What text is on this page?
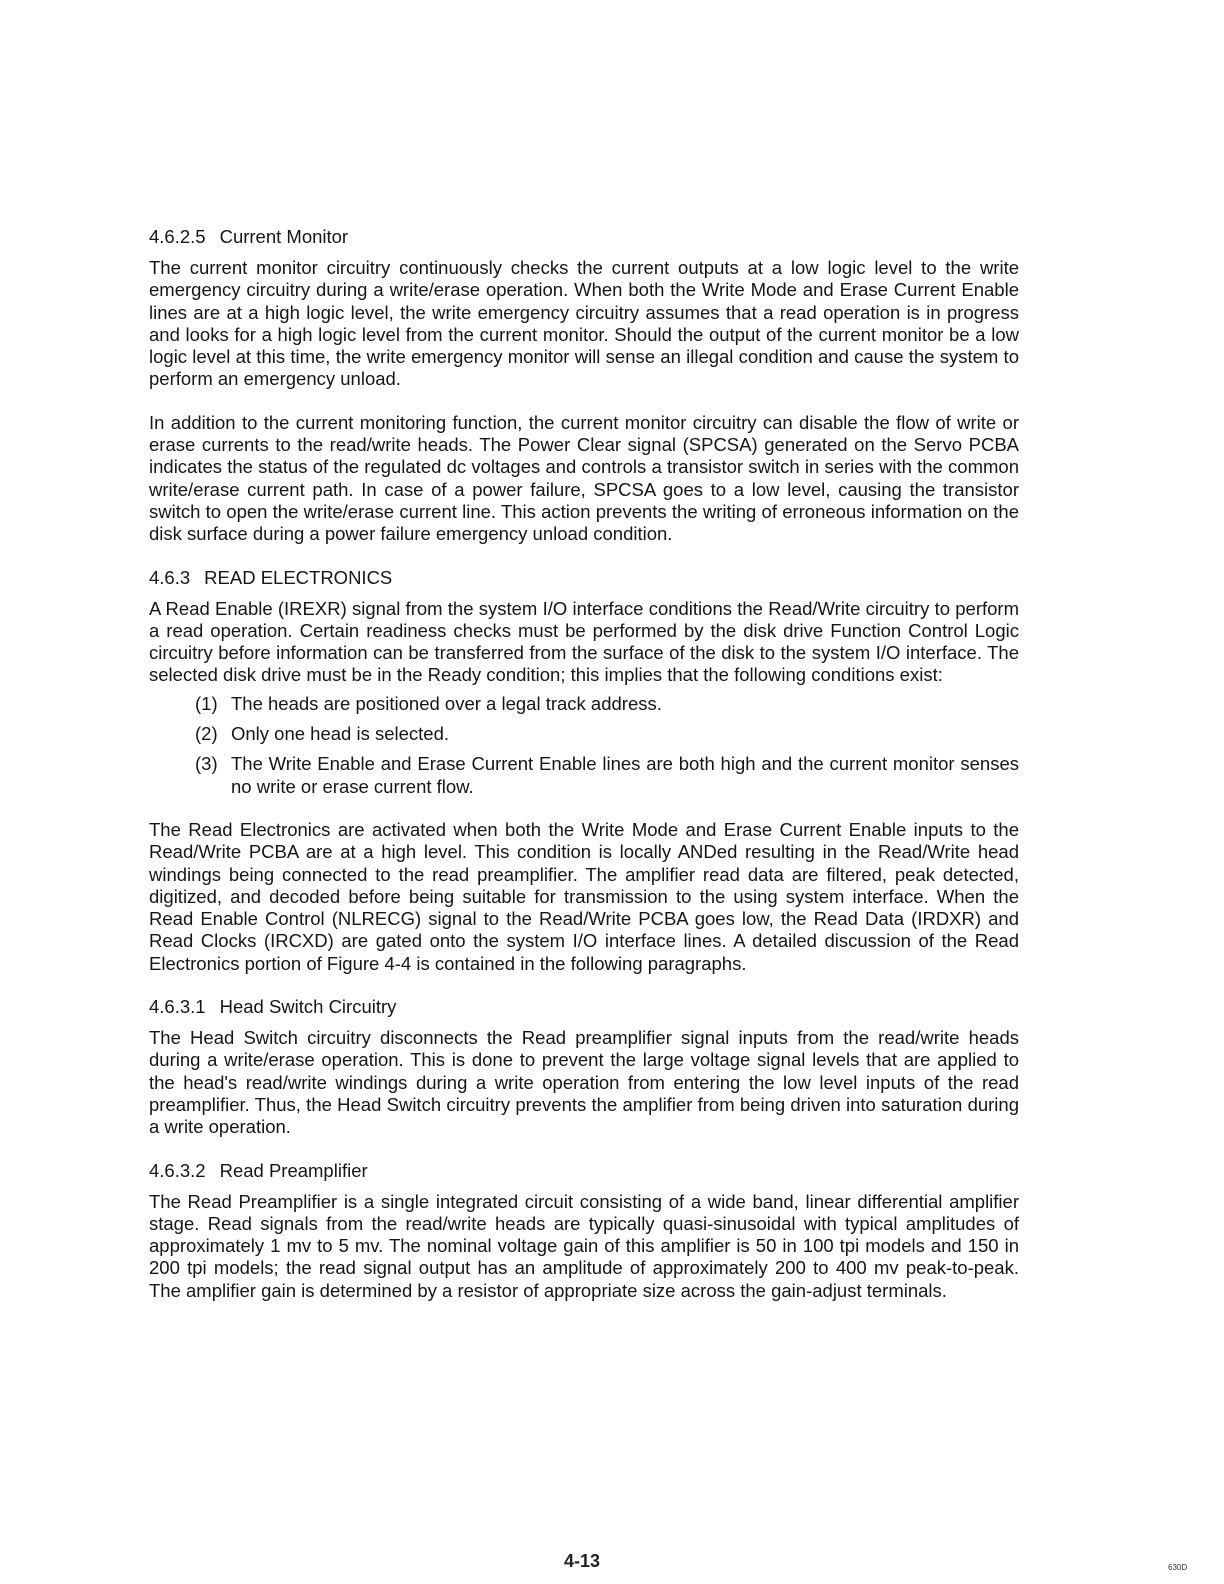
4.6.2.5 Current Monitor

The current monitor circuitry continuously checks the current outputs at a low logic level to the write emergency circuitry during a write/erase operation. When both the Write Mode and Erase Current Enable lines are at a high logic level, the write emergency circuitry assumes that a read operation is in progress and looks for a high logic level from the current monitor. Should the output of the current monitor be a low logic level at this time, the write emergency monitor will sense an illegal condition and cause the system to perform an emergency unload.

In addition to the current monitoring function, the current monitor circuitry can disable the flow of write or erase currents to the read/write heads. The Power Clear signal (SPCSA) generated on the Servo PCBA indicates the status of the regulated dc voltages and controls a transistor switch in series with the common write/erase current path. In case of a power failure, SPCSA goes to a low level, causing the transistor switch to open the write/erase current line. This action prevents the writing of erroneous information on the disk surface during a power failure emergency unload condition.

4.6.3 READ ELECTRONICS

A Read Enable (IREXR) signal from the system I/O interface conditions the Read/Write circuitry to perform a read operation. Certain readiness checks must be performed by the disk drive Function Control Logic circuitry before information can be transferred from the surface of the disk to the system I/O interface. The selected disk drive must be in the Ready condition; this implies that the following conditions exist:

(1) The heads are positioned over a legal track address.
(2) Only one head is selected.
(3) The Write Enable and Erase Current Enable lines are both high and the current monitor senses no write or erase current flow.

The Read Electronics are activated when both the Write Mode and Erase Current Enable inputs to the Read/Write PCBA are at a high level. This condition is locally ANDed resulting in the Read/Write head windings being connected to the read preamplifier. The amplifier read data are filtered, peak detected, digitized, and decoded before being suitable for transmission to the using system interface. When the Read Enable Control (NLRECG) signal to the Read/Write PCBA goes low, the Read Data (IRDXR) and Read Clocks (IRCXD) are gated onto the system I/O interface lines. A detailed discussion of the Read Electronics portion of Figure 4-4 is contained in the following paragraphs.

4.6.3.1 Head Switch Circuitry

The Head Switch circuitry disconnects the Read preamplifier signal inputs from the read/write heads during a write/erase operation. This is done to prevent the large voltage signal levels that are applied to the head's read/write windings during a write operation from entering the low level inputs of the read preamplifier. Thus, the Head Switch circuitry prevents the amplifier from being driven into saturation during a write operation.

4.6.3.2 Read Preamplifier

The Read Preamplifier is a single integrated circuit consisting of a wide band, linear differential amplifier stage. Read signals from the read/write heads are typically quasi-sinusoidal with typical amplitudes of approximately 1 mv to 5 mv. The nominal voltage gain of this amplifier is 50 in 100 tpi models and 150 in 200 tpi models; the read signal output has an amplitude of approximately 200 to 400 mv peak-to-peak. The amplifier gain is determined by a resistor of appropriate size across the gain-adjust terminals.

4-13	630D
